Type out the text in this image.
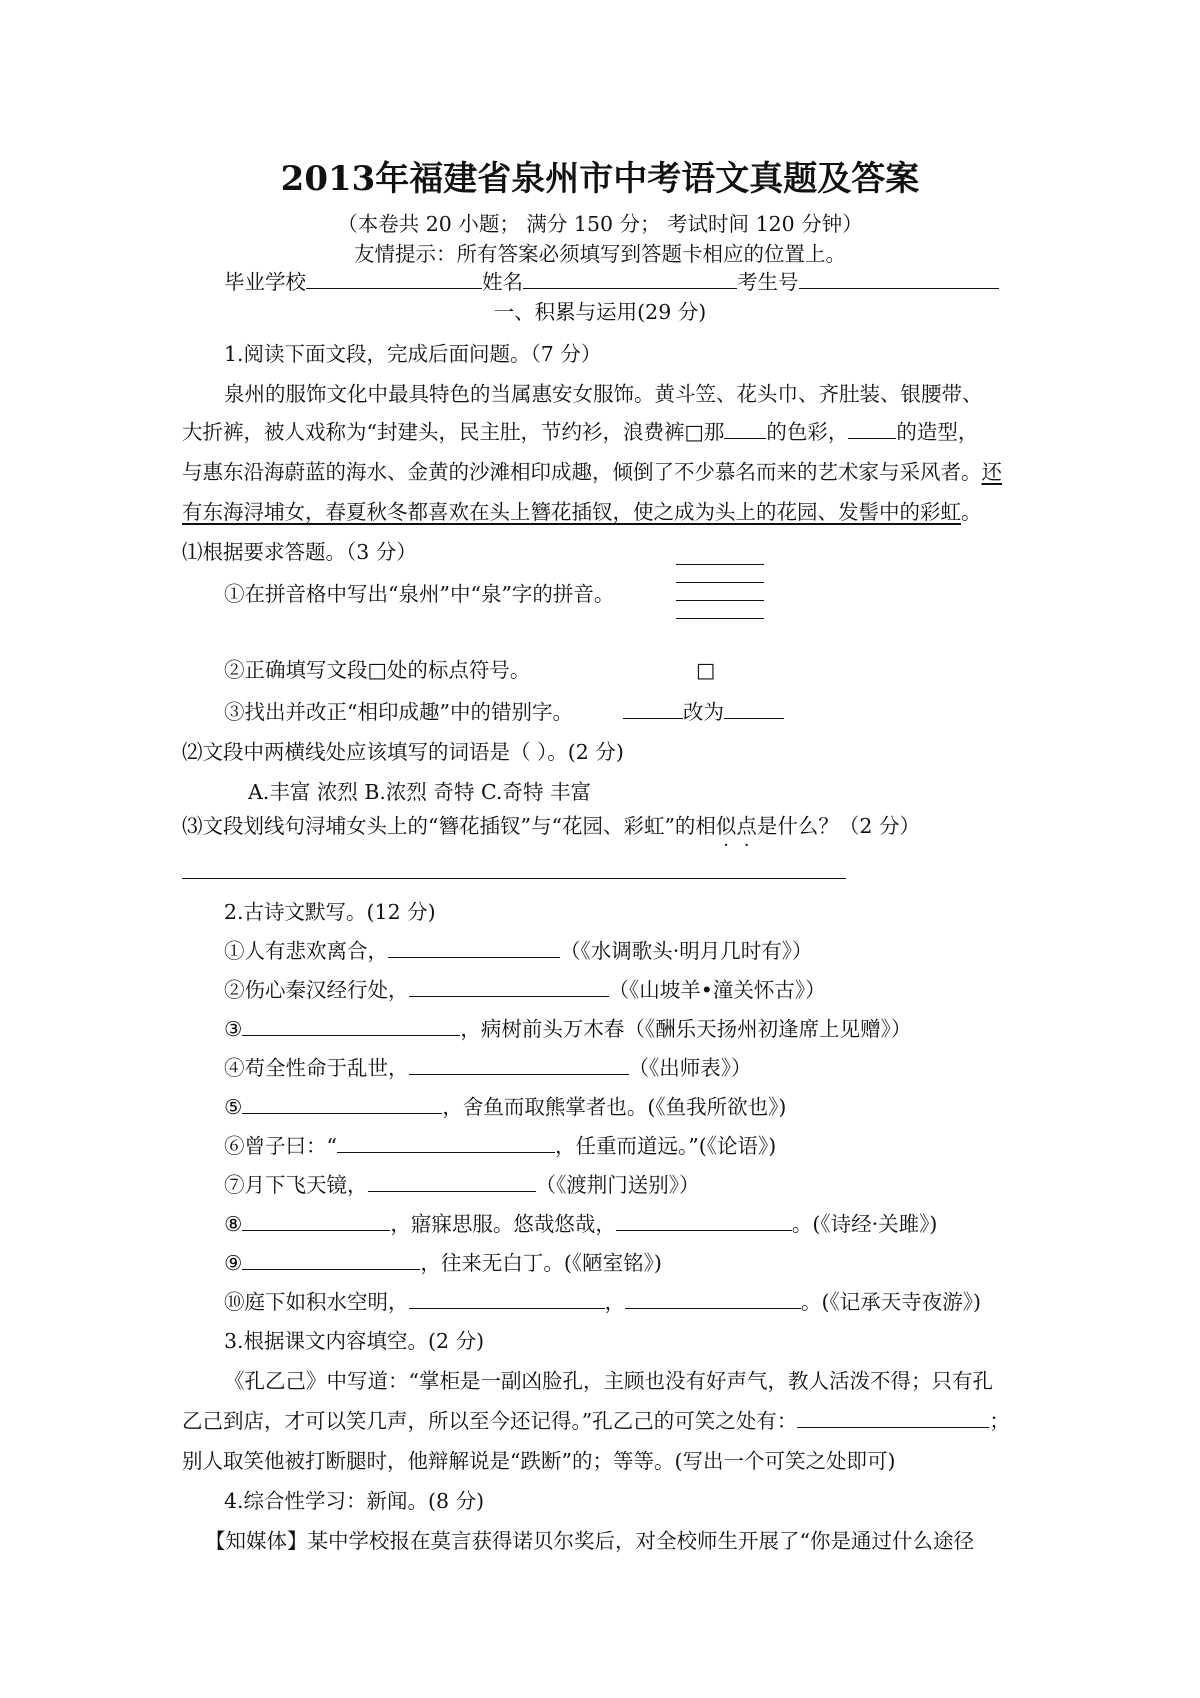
2013年福建省泉州市中考语文真题及答案
（本卷共 20 小题； 满分 150 分； 考试时间 120 分钟）
友情提示：所有答案必须填写到答题卡相应的位置上。
毕业学校	姓名	考生号
一、积累与运用(29 分)
1.阅读下面文段，完成后面问题。（7 分）
泉州的服饰文化中最具特色的当属惠安女服饰。黄斗笠、花头巾、齐肚装、银腰带、
大折裤，被人戏称为“封建头，民主肚，节约衫，浪费裤□那 的色彩， 的造型，
与惠东沿海蔚蓝的海水、金黄的沙滩相印成趣，倾倒了不少慕名而来的艺术家与采风者。还
有东海浔埔女，春夏秋冬都喜欢在头上簪花插钗，使之成为头上的花园、发髻中的彩虹。
⑴根据要求答题。（3 分）
①在拼音格中写出“泉州”中“泉”字的拼音。
②正确填写文段□处的标点符号。	□
③找出并改正“相印成趣”中的错别字。	改为
⑵文段中两横线处应该填写的词语是（ ）。(2 分)
A.丰富 浓烈 B.浓烈 奇特 C.奇特 丰富
⑶文段划线句浔埔女头上的“簪花插钗”与“花园、彩虹”的相似点是什么？（2 分）
2.古诗文默写。(12 分)
①人有悲欢离合，	（《水调歌头·明月几时有》）
②伤心秦汉经行处，	（《山坡羊•潼关怀古》）
③	，病树前头万木春（《酬乐天扬州初逢席上见赠》）
④苟全性命于乱世，	（《出师表》）
⑤	，舍鱼而取熊掌者也。(《鱼我所欲也》)
⑥曾子曰：“	，任重而道远。”(《论语》)
⑦月下飞天镜，	（《渡荆门送别》）
⑧	，寤寐思服。悠哉悠哉，	。(《诗经·关雎》)
⑨	，往来无白丁。(《陋室铭》)
⑩庭下如积水空明，	，	。(《记承天寺夜游》)
3.根据课文内容填空。(2 分)
《孔乙己》中写道：“掌柜是一副凶脸孔，主顾也没有好声气，教人活泼不得；只有孔
乙己到店，才可以笑几声，所以至今还记得。”孔乙己的可笑之处有：	；
别人取笑他被打断腿时，他辩解说是“跌断”的；等等。(写出一个可笑之处即可)
4.综合性学习：新闻。(8 分)
【知媒体】某中学校报在莫言获得诺贝尔奖后，对全校师生开展了“你是通过什么途径
